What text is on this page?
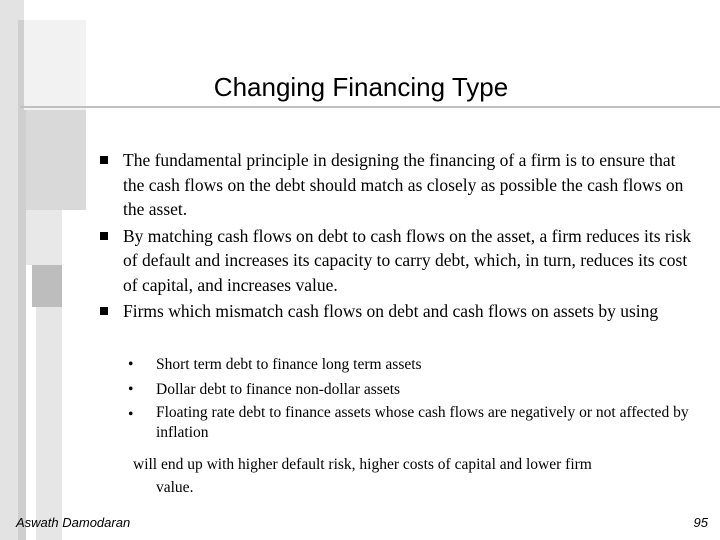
Changing Financing Type
The fundamental principle in designing the financing of a firm is to ensure that the cash flows on the debt should match as closely as possible the cash flows on the asset.
By matching cash flows on debt to cash flows on the asset, a firm reduces its risk of default and increases its capacity to carry debt, which, in turn, reduces its cost of capital, and increases value.
Firms which mismatch cash flows on debt and cash flows on assets by using
• Short term debt to finance long term assets
• Dollar debt to finance non-dollar assets
• Floating rate debt to finance assets whose cash flows are negatively or not affected by inflation
will end up with higher default risk, higher costs of capital and lower firm
value.
Aswath Damodaran	95
